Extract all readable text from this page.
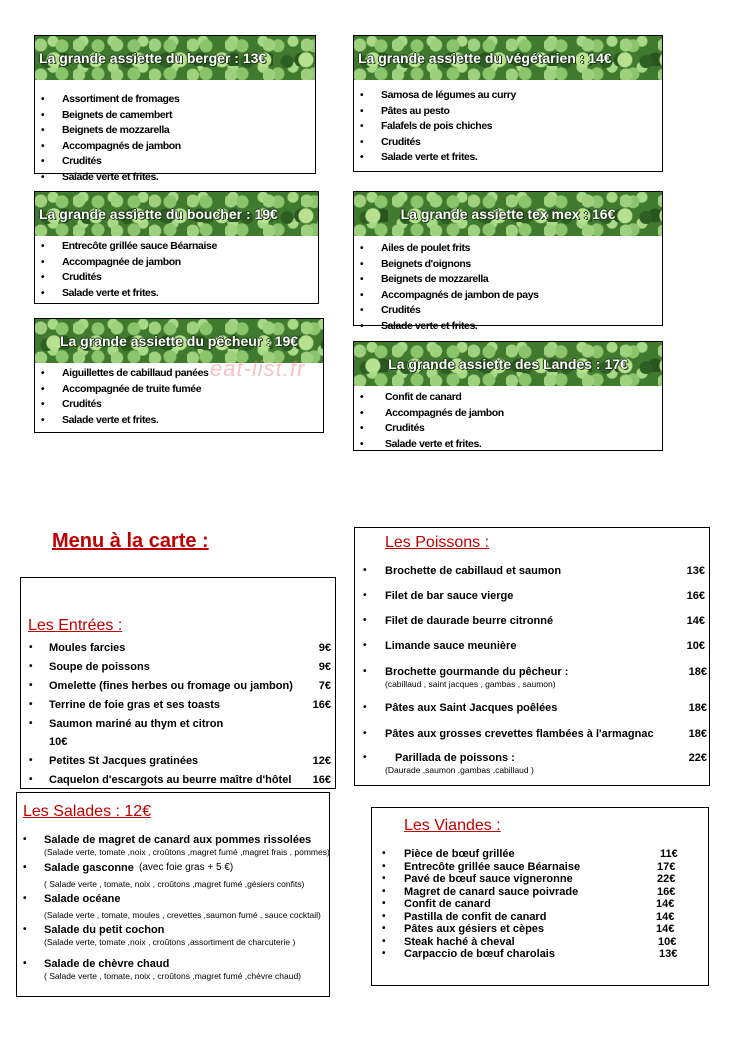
La grande assiette du berger : 13€
• Assortiment de fromages
• Beignets de camembert
• Beignets de mozzarella
• Accompagnés de jambon
• Crudités
• Salade verte et frites.
La grande assiette du boucher : 19€
• Entrecôte grillée sauce Béarnaise
• Accompagnée de jambon
• Crudités
• Salade verte et frites.
La grande assiette du pêcheur : 19€
• Aiguillettes de cabillaud panées
• Accompagnée de truite fumée
• Crudités
• Salade verte et frites.
La grande assiette du végétarien : 14€
• Samosa de légumes au curry
• Pâtes au pesto
• Falafels de pois chiches
• Crudités
• Salade verte et frites.
La grande assiette tex mex : 16€
• Ailes de poulet frits
• Beignets d'oignons
• Beignets de mozzarella
• Accompagnés de jambon de pays
• Crudités
• Salade verte et frites.
La grande assiette des Landes : 17€
• Confit de canard
• Accompagnés de jambon
• Crudités
• Salade verte et frites.
eat-list.fr
Menu à la carte :
Les Entrées :
• Moules farcies	9€
• Soupe de poissons	9€
• Omelette (fines herbes ou fromage ou jambon) 7€
• Terrine de foie gras et ses toasts	16€
• Saumon mariné au thym et citron
10€
• Petites St Jacques gratinées	12€
• Caquelon d'escargots au beurre maître d'hôtel 16€
Les Salades : 12€
• Salade de magret de canard aux pommes rissolées
(Salade verte, tomate ,noix , croûtons ,magret fumé ,magret frais , pommes)
• Salade gasconne (avec foie gras + 5 €)
( Salade verte , tomate, noix , croûtons ,magret fumé ,gésiers confits)
• Salade océane
(Salade verte , tomate, moules , crevettes ,saumon fumé , sauce cocktail)
• Salade du petit cochon
(Salade verte, tomate ,noix , croûtons ,assortiment de charcuterie )
• Salade de chèvre chaud
( Salade verte , tomate, noix , croûtons ,magret fumé ,chèvre chaud)
Les Poissons :
• Brochette de cabillaud et saumon	13€
• Filet de bar sauce vierge	16€
• Filet de daurade beurre citronné	14€
• Limande sauce meunière	10€
• Brochette gourmande du pêcheur :	18€
(cabillaud , saint jacques , gambas , saumon)
• Pâtes aux Saint Jacques poêlées	18€
• Pâtes aux grosses crevettes flambées à l'armagnac	18€
•	Parillada de poissons :	22€
(Daurade ,saumon ,gambas ,cabillaud )
Les Viandes :
• Pièce de bœuf grillée	11€
• Entrecôte grillée sauce Béarnaise	17€
• Pavé de bœuf sauce vigneronne	22€
• Magret de canard sauce poivrade	16€
• Confit de canard	14€
• Pastilla de confit de canard	14€
• Pâtes aux gésiers et cèpes	14€
• Steak haché à cheval	10€
• Carpaccio de bœuf charolais	13€
